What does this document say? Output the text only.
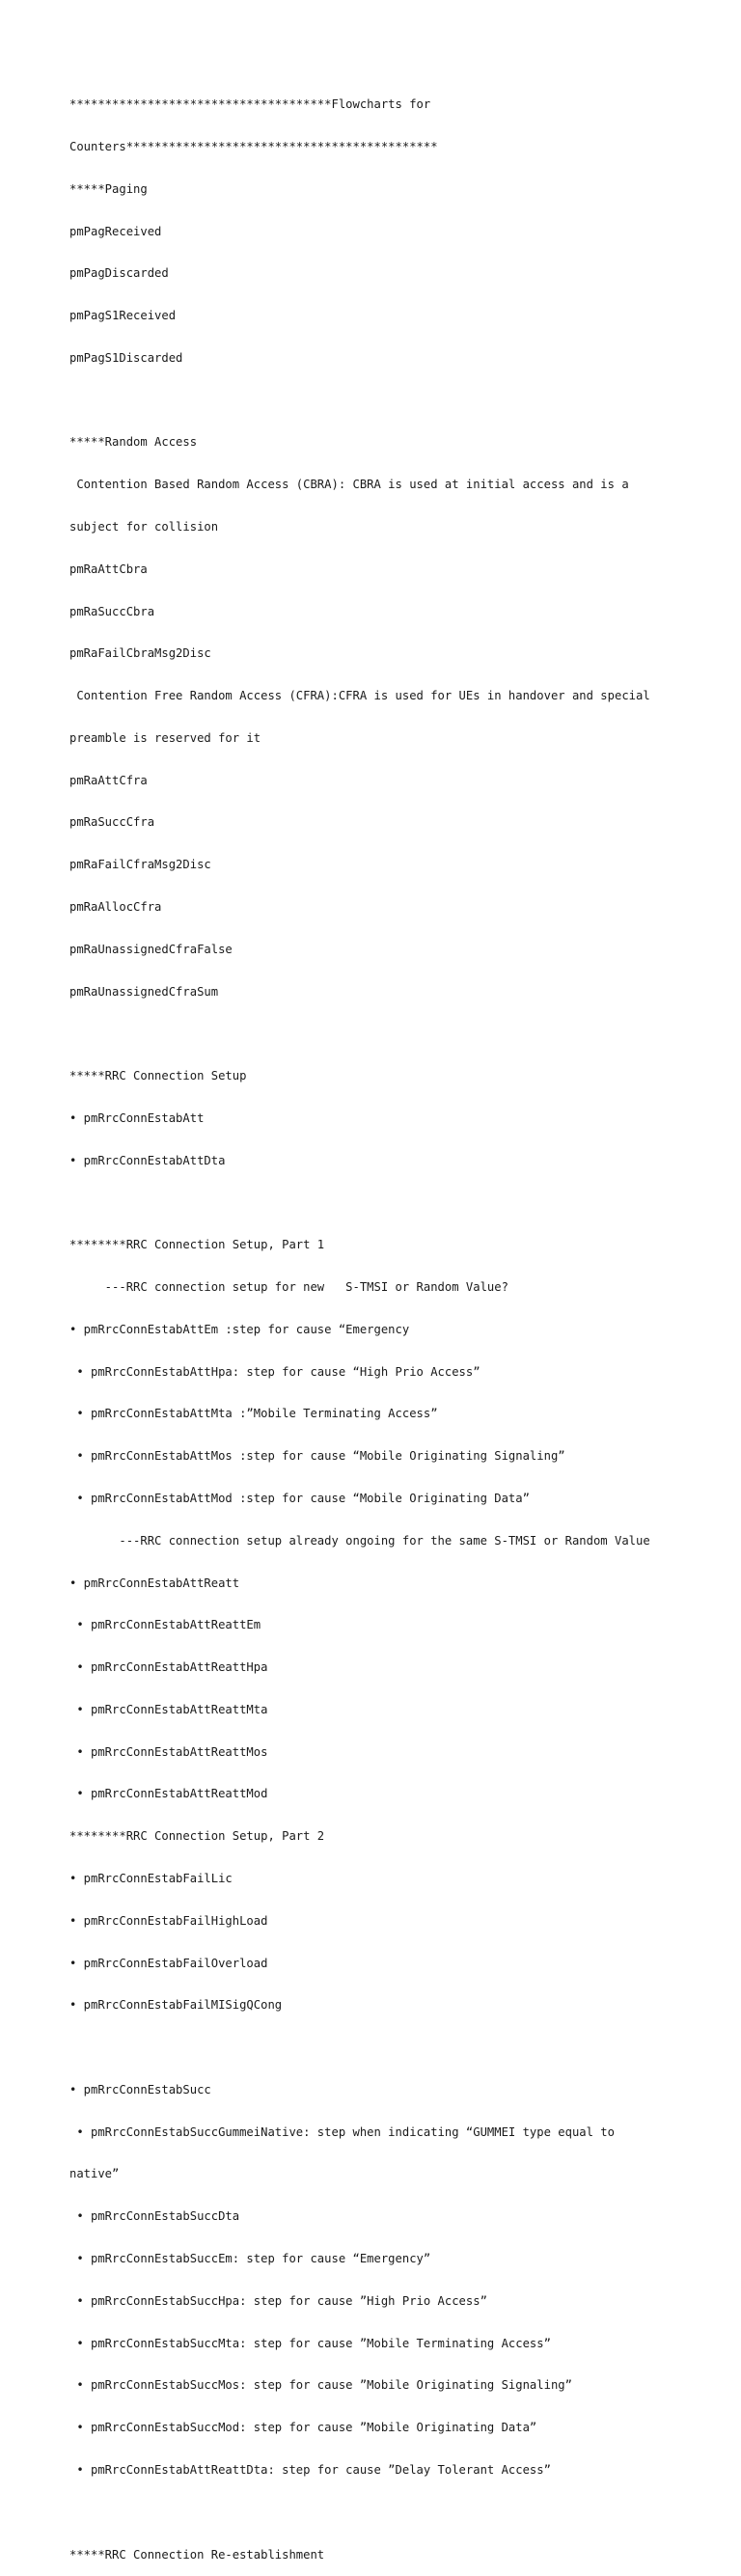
*************************************Flowcharts for

Counters********************************************

*****Paging

pmPagReceived

pmPagDiscarded

pmPagS1Received

pmPagS1Discarded

*****Random Access

Contention Based Random Access (CBRA): CBRA is used at initial access and is a

subject for collision

pmRaAttCbra

pmRaSuccCbra

pmRaFailCbraMsg2Disc

Contention Free Random Access (CFRA):CFRA is used for UEs in handover and special

preamble is reserved for it

pmRaAttCfra

pmRaSuccCfra

pmRaFailCfraMsg2Disc

pmRaAllocCfra

pmRaUnassignedCfraFalse

pmRaUnassignedCfraSum

*****RRC Connection Setup

• pmRrcConnEstabAtt

• pmRrcConnEstabAttDta

********RRC Connection Setup, Part 1

---RRC connection setup for new   S-TMSI or Random Value?

• pmRrcConnEstabAttEm :step for cause “Emergency

• pmRrcConnEstabAttHpa: step for cause “High Prio Access”

• pmRrcConnEstabAttMta :”Mobile Terminating Access”

• pmRrcConnEstabAttMos :step for cause “Mobile Originating Signaling”

• pmRrcConnEstabAttMod :step for cause “Mobile Originating Data”

---RRC connection setup already ongoing for the same S-TMSI or Random Value

• pmRrcConnEstabAttReatt

• pmRrcConnEstabAttReattEm

• pmRrcConnEstabAttReattHpa

• pmRrcConnEstabAttReattMta

• pmRrcConnEstabAttReattMos

• pmRrcConnEstabAttReattMod

********RRC Connection Setup, Part 2

• pmRrcConnEstabFailLic

• pmRrcConnEstabFailHighLoad

• pmRrcConnEstabFailOverload

• pmRrcConnEstabFailMISigQCong

• pmRrcConnEstabSucc

• pmRrcConnEstabSuccGummeiNative: step when indicating “GUMMEI type equal to

native”

• pmRrcConnEstabSuccDta

• pmRrcConnEstabSuccEm: step for cause “Emergency”

• pmRrcConnEstabSuccHpa: step for cause ”High Prio Access”

• pmRrcConnEstabSuccMta: step for cause ”Mobile Terminating Access”

• pmRrcConnEstabSuccMos: step for cause ”Mobile Originating Signaling”

• pmRrcConnEstabSuccMod: step for cause ”Mobile Originating Data”

• pmRrcConnEstabAttReattDta: step for cause ”Delay Tolerant Access”

*****RRC Connection Re-establishment
